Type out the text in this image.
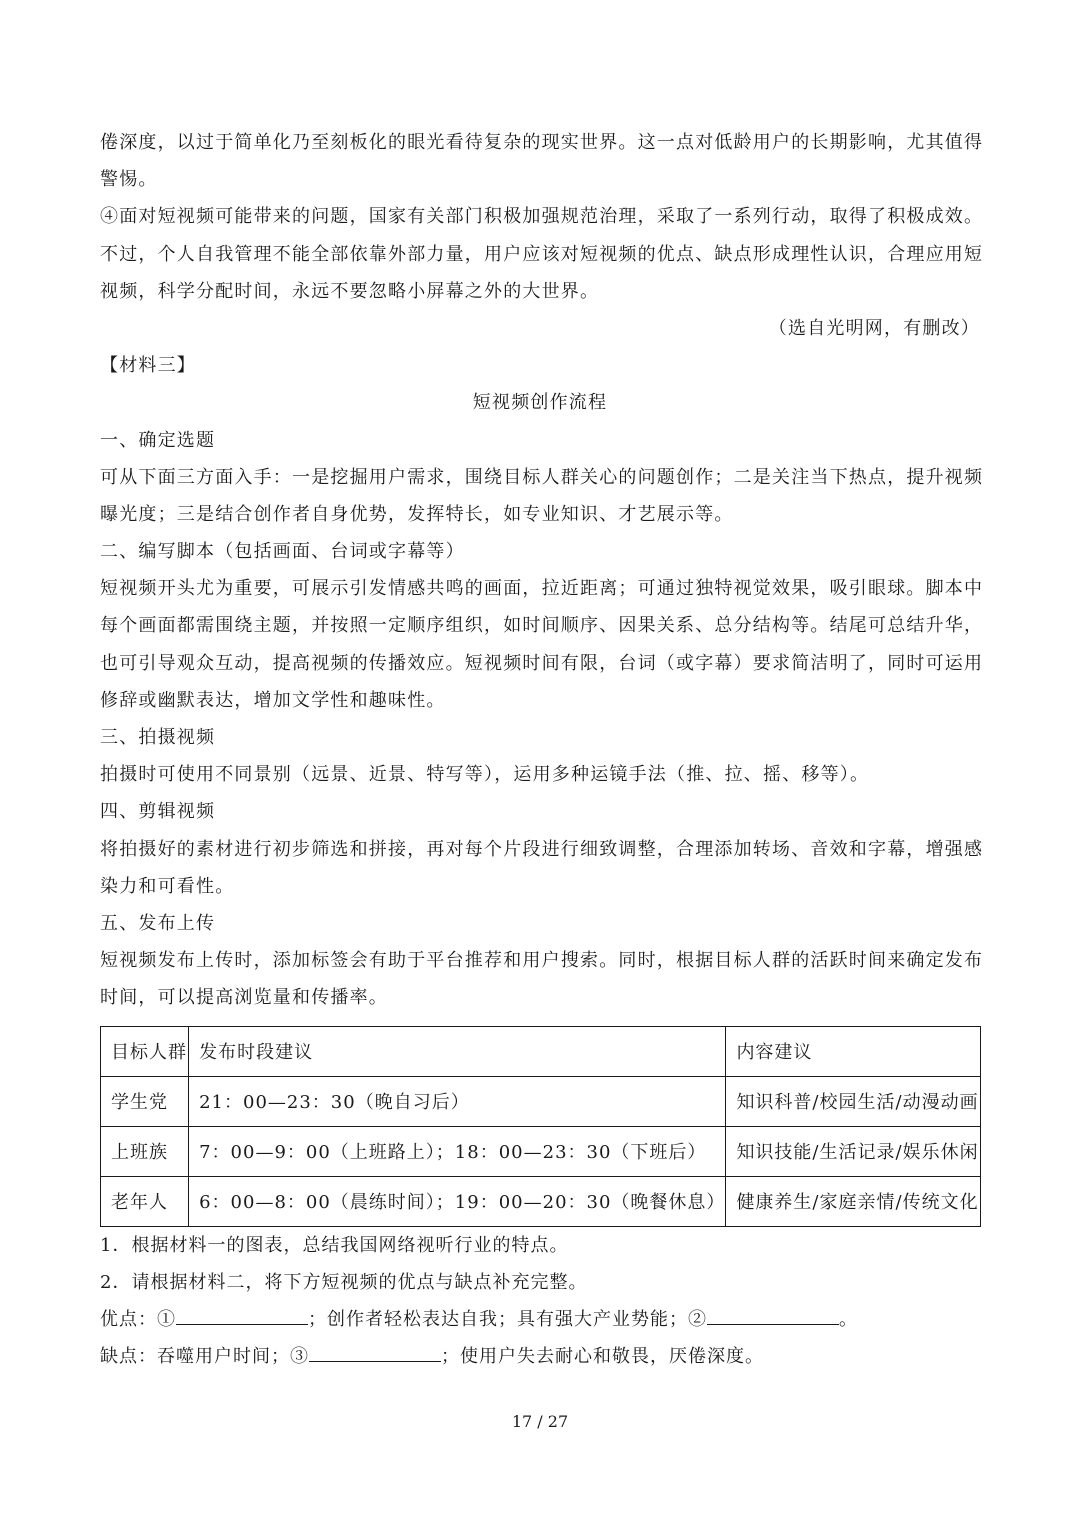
倦深度，以过于简单化乃至刻板化的眼光看待复杂的现实世界。这一点对低龄用户的长期影响，尤其值得
警惕。
④面对短视频可能带来的问题，国家有关部门积极加强规范治理，采取了一系列行动，取得了积极成效。
不过，个人自我管理不能全部依靠外部力量，用户应该对短视频的优点、缺点形成理性认识，合理应用短
视频，科学分配时间，永远不要忽略小屏幕之外的大世界。
（选自光明网，有删改）
【材料三】
短视频创作流程
一、确定选题
可从下面三方面入手：一是挖掘用户需求，围绕目标人群关心的问题创作；二是关注当下热点，提升视频
曝光度；三是结合创作者自身优势，发挥特长，如专业知识、才艺展示等。
二、编写脚本（包括画面、台词或字幕等）
短视频开头尤为重要，可展示引发情感共鸣的画面，拉近距离；可通过独特视觉效果，吸引眼球。脚本中
每个画面都需围绕主题，并按照一定顺序组织，如时间顺序、因果关系、总分结构等。结尾可总结升华，
也可引导观众互动，提高视频的传播效应。短视频时间有限，台词（或字幕）要求简洁明了，同时可运用
修辞或幽默表达，增加文学性和趣味性。
三、拍摄视频
拍摄时可使用不同景别（远景、近景、特写等），运用多种运镜手法（推、拉、摇、移等）。
四、剪辑视频
将拍摄好的素材进行初步筛选和拼接，再对每个片段进行细致调整，合理添加转场、音效和字幕，增强感
染力和可看性。
五、发布上传
短视频发布上传时，添加标签会有助于平台推荐和用户搜索。同时，根据目标人群的活跃时间来确定发布
时间，可以提高浏览量和传播率。
目标人群	发布时段建议	内容建议
学生党	21：00—23：30（晚自习后）	知识科普/校园生活/动漫动画
上班族	7：00—9：00（上班路上）；18：00—23：30（下班后）	知识技能/生活记录/娱乐休闲
老年人	6：00—8：00（晨练时间）；19：00—20：30（晚餐休息）	健康养生/家庭亲情/传统文化
1．根据材料一的图表，总结我国网络视听行业的特点。
2．请根据材料二，将下方短视频的优点与缺点补充完整。
优点：①	；创作者轻松表达自我；具有强大产业势能；②	。
缺点：吞噬用户时间；③	；使用户失去耐心和敬畏，厌倦深度。
17 / 27
